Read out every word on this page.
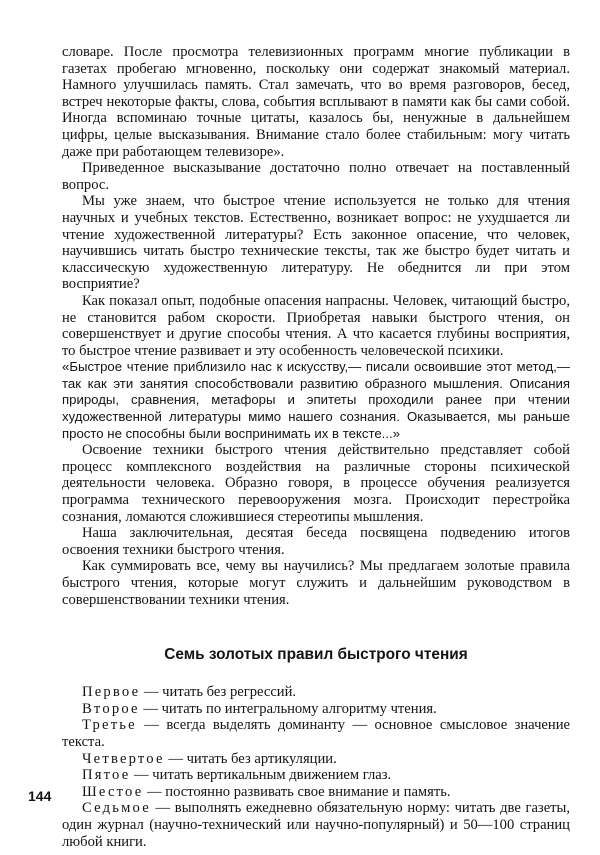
словаре. После просмотра телевизионных программ многие публикации в газетах пробегаю мгновенно, поскольку они содержат знакомый материал. Намного улучшилась память. Стал замечать, что во время разговоров, бесед, встреч некоторые факты, слова, события всплывают в памяти как бы сами собой. Иногда вспоминаю точные цитаты, казалось бы, ненужные в дальнейшем цифры, целые высказывания. Внимание стало более стабильным: могу читать даже при работающем телевизоре».

Приведенное высказывание достаточно полно отвечает на поставленный вопрос.

Мы уже знаем, что быстрое чтение используется не только для чтения научных и учебных текстов. Естественно, возникает вопрос: не ухудшается ли чтение художественной литературы? Есть законное опасение, что человек, научившись читать быстро технические тексты, так же быстро будет читать и классическую художественную литературу. Не обеднится ли при этом восприятие?

Как показал опыт, подобные опасения напрасны. Человек, читающий быстро, не становится рабом скорости. Приобретая навыки быстрого чтения, он совершенствует и другие способы чтения. А что касается глубины восприятия, то быстрое чтение развивает и эту особенность человеческой психики.

«Быстрое чтение приблизило нас к искусству,— писали освоившие этот метод,— так как эти занятия способствовали развитию образного мышления. Описания природы, сравнения, метафоры и эпитеты проходили ранее при чтении художественной литературы мимо нашего сознания. Оказывается, мы раньше просто не способны были воспринимать их в тексте...»

Освоение техники быстрого чтения действительно представляет собой процесс комплексного воздействия на различные стороны психической деятельности человека. Образно говоря, в процессе обучения реализуется программа технического перевооружения мозга. Происходит перестройка сознания, ломаются сложившиеся стереотипы мышления.

Наша заключительная, десятая беседа посвящена подведению итогов освоения техники быстрого чтения.

Как суммировать все, чему вы научились? Мы предлагаем золотые правила быстрого чтения, которые могут служить и дальнейшим руководством в совершенствовании техники чтения.

Семь золотых правил быстрого чтения

Первое — читать без регрессий.

Второе — читать по интегральному алгоритму чтения.

Третье — всегда выделять доминанту — основное смысловое значение текста.

Четвертое — читать без артикуляции.

Пятое — читать вертикальным движением глаз.

Шестое — постоянно развивать свое внимание и память.

Седьмое — выполнять ежедневно обязательную норму: читать две газеты, один журнал (научно-технический или научно-популярный) и 50—100 страниц любой книги.

144
